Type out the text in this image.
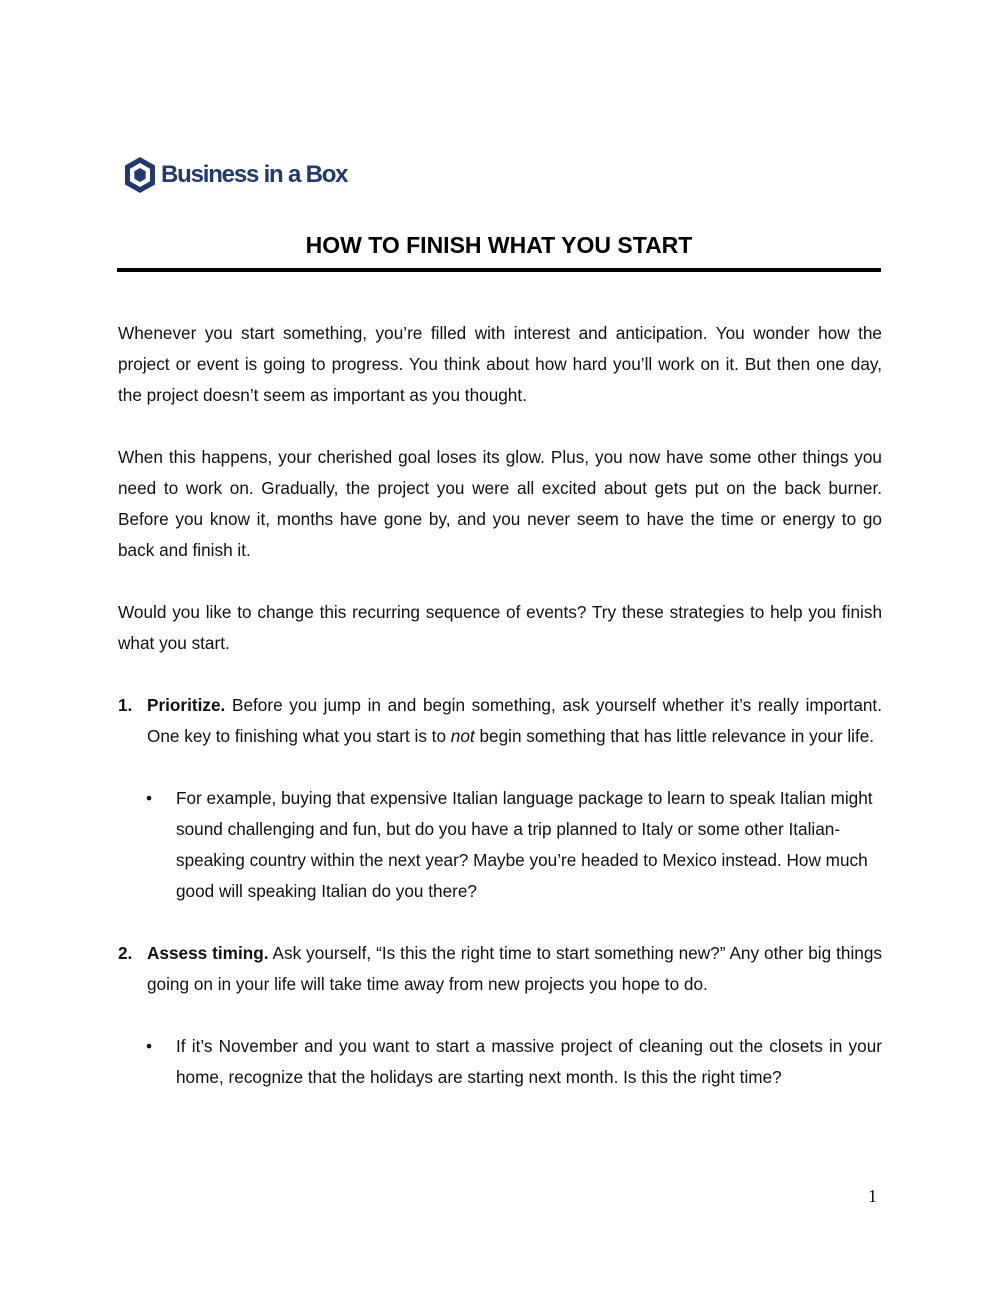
Business in a Box
HOW TO FINISH WHAT YOU START

Whenever you start something, you’re filled with interest and anticipation. You wonder how the project or event is going to progress. You think about how hard you’ll work on it. But then one day, the project doesn’t seem as important as you thought.

When this happens, your cherished goal loses its glow. Plus, you now have some other things you need to work on. Gradually, the project you were all excited about gets put on the back burner. Before you know it, months have gone by, and you never seem to have the time or energy to go back and finish it.

Would you like to change this recurring sequence of events? Try these strategies to help you finish what you start.

1. Prioritize. Before you jump in and begin something, ask yourself whether it’s really important. One key to finishing what you start is to not begin something that has little relevance in your life.
• For example, buying that expensive Italian language package to learn to speak Italian might sound challenging and fun, but do you have a trip planned to Italy or some other Italian-speaking country within the next year? Maybe you’re headed to Mexico instead. How much good will speaking Italian do you there?
2. Assess timing. Ask yourself, “Is this the right time to start something new?” Any other big things going on in your life will take time away from new projects you hope to do.
• If it’s November and you want to start a massive project of cleaning out the closets in your home, recognize that the holidays are starting next month. Is this the right time?
1
